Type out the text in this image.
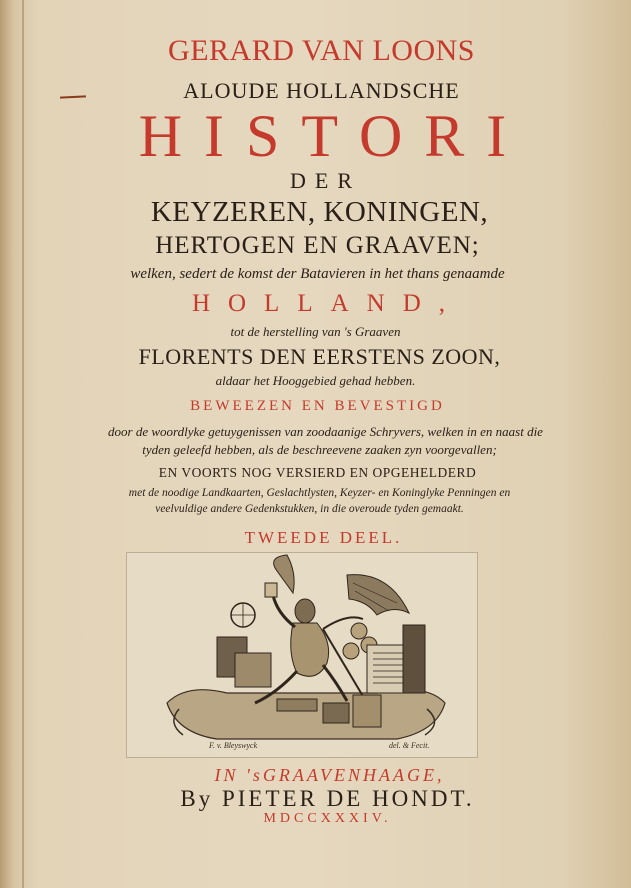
GERARD VAN LOONS
ALOUDE HOLLANDSCHE
HISTORI
DER
KEYZEREN, KONINGEN,
HERTOGEN EN GRAAVEN;
welken, sedert de komst der Batavieren in het thans genaamde
HOLLAND,
tot de herstelling van 's Graaven
FLORENTS DEN EERSTENS ZOON,
aldaar het Hooggebied gehad hebben.
BEWEEZEN EN BEVESTIGD
door de woordlyke getuygenissen van zoodaanige Schryvers, welken in en naast die
tyden geleefd hebben, als de beschreevene zaaken zyn voorgevallen;
EN VOORTS NOG VERSIERD EN OPGEHELDERD
met de noodige Landkaarten, Geslachtlysten, Keyzer- en Koninglyke Penningen en
veelvuldige andere Gedenkstukken, in die overoude tyden gemaakt.
TWEEDE DEEL.
F. v. Bleyswyck	del. & Fecit.
IN 'sGRAAVENHAAGE,
By PIETER DE HONDT.
MDCCXXXIV.
